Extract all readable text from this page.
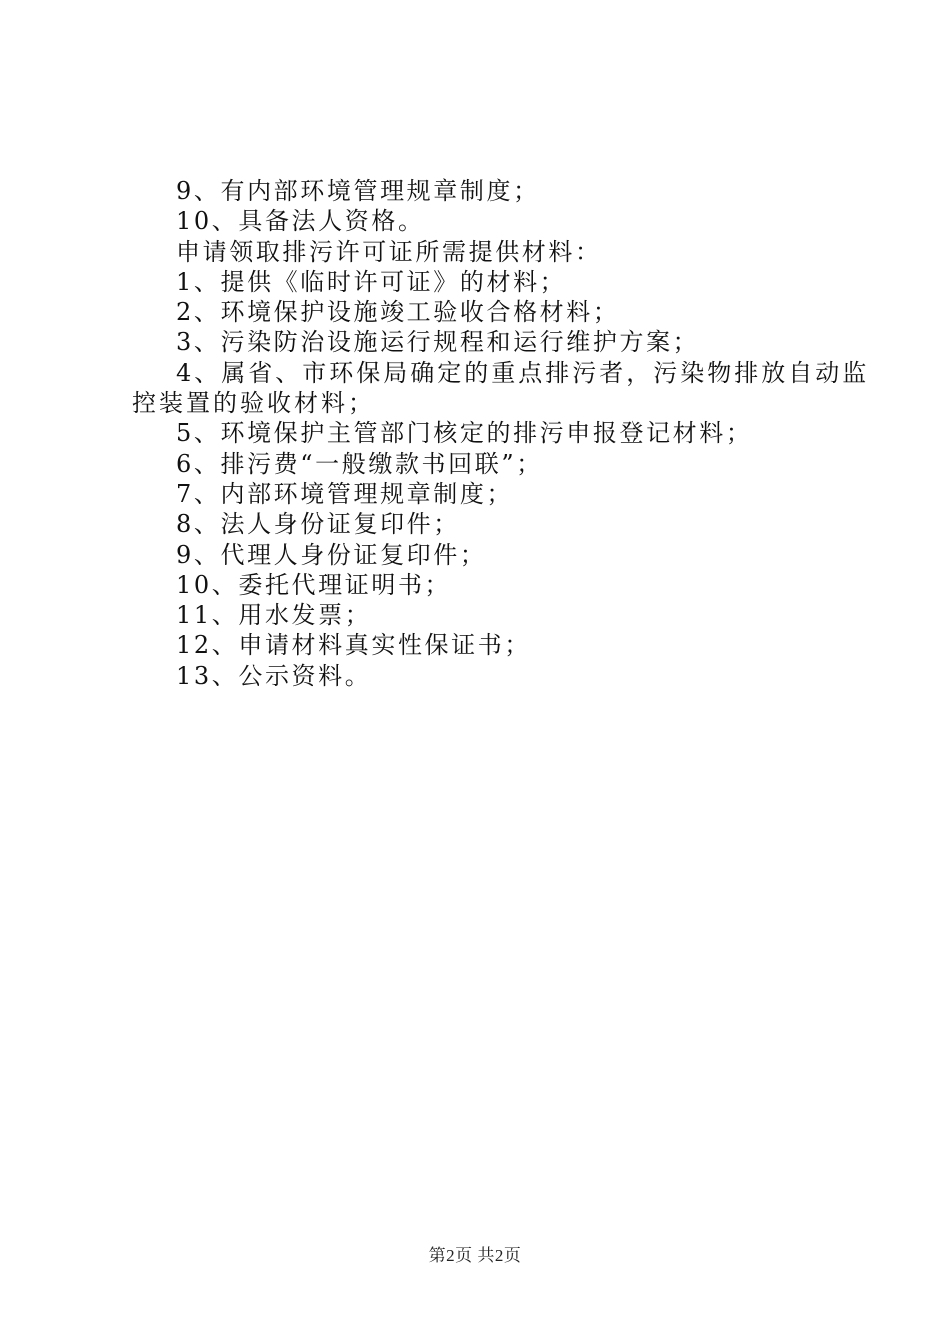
9、有内部环境管理规章制度；
10、具备法人资格。
申请领取排污许可证所需提供材料：
1、提供《临时许可证》的材料；
2、环境保护设施竣工验收合格材料；
3、污染防治设施运行规程和运行维护方案；
4、属省、市环保局确定的重点排污者，污染物排放自动监
控装置的验收材料；
5、环境保护主管部门核定的排污申报登记材料；
6、排污费“一般缴款书回联”；
7、内部环境管理规章制度；
8、法人身份证复印件；
9、代理人身份证复印件；
10、委托代理证明书；
11、用水发票；
12、申请材料真实性保证书；
13、公示资料。
第2页 共2页
